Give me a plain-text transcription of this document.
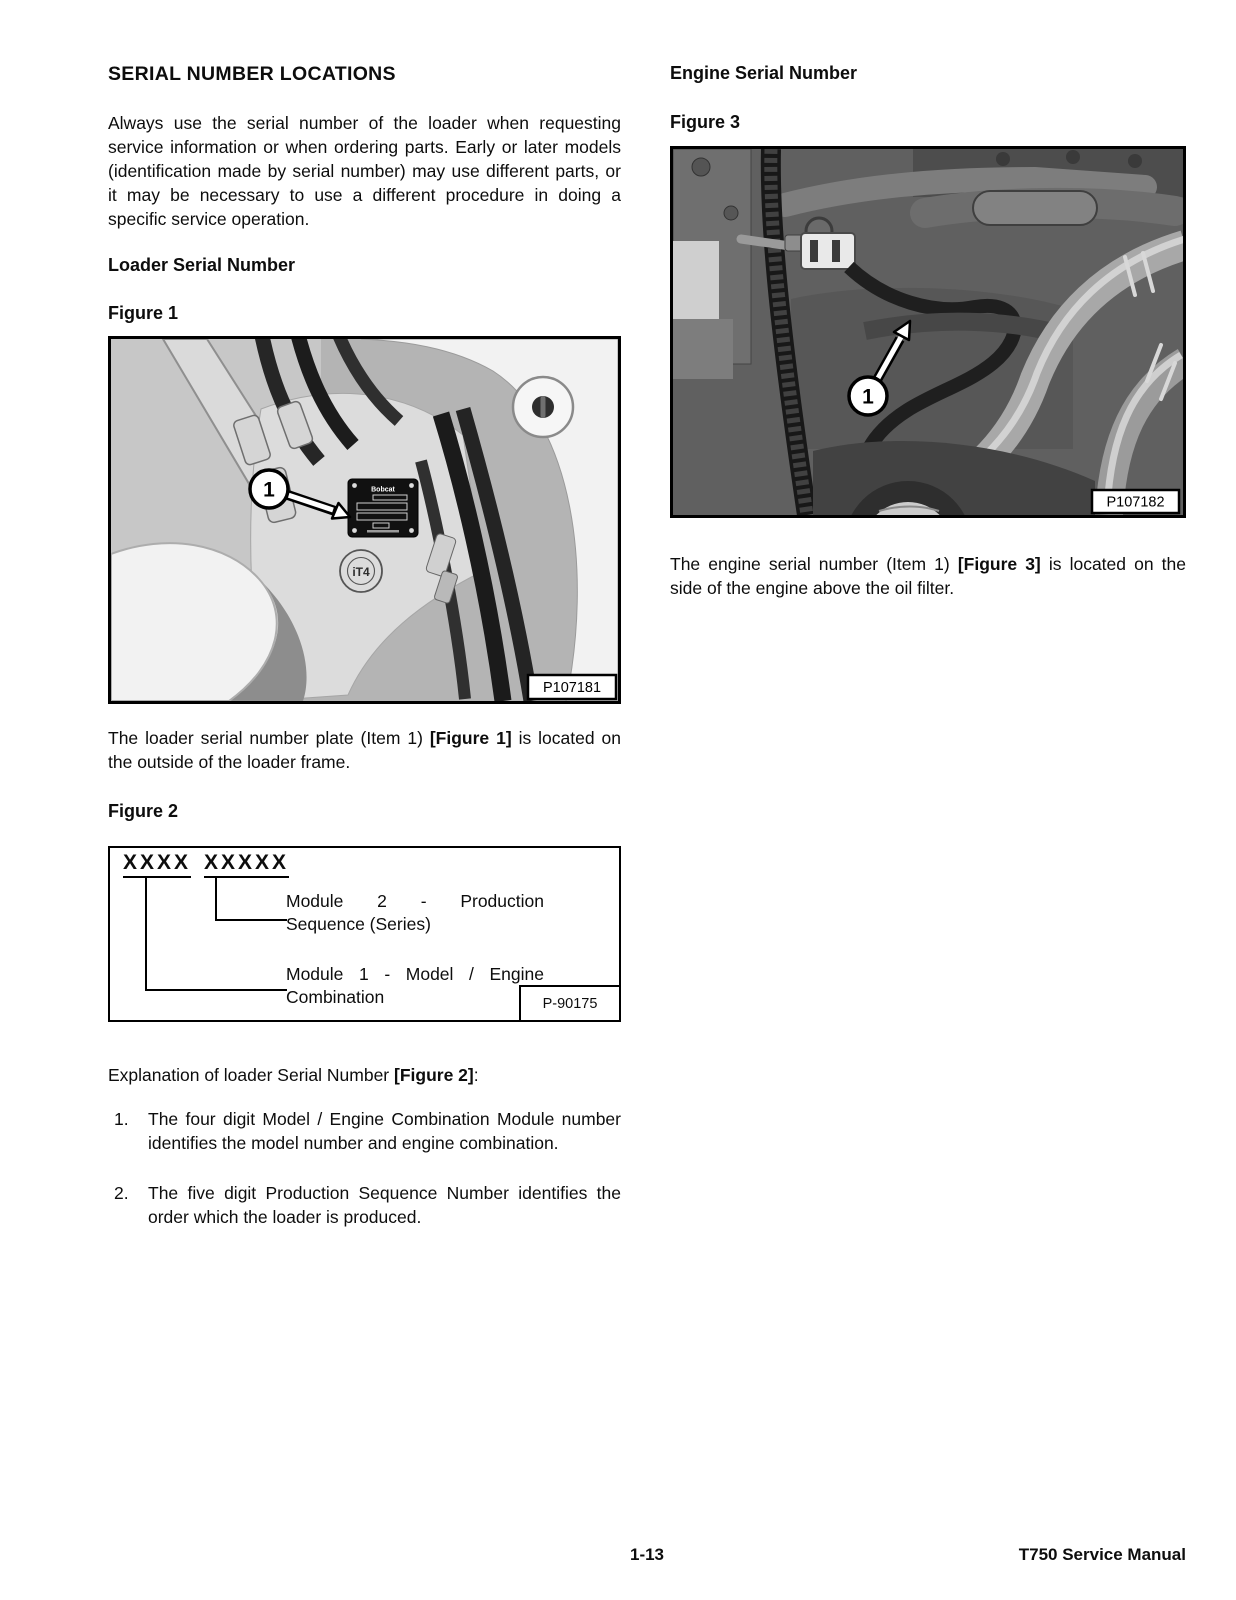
SERIAL NUMBER LOCATIONS
Always use the serial number of the loader when requesting service information or when ordering parts. Early or later models (identification made by serial number) may use different parts, or it may be necessary to use a different procedure in doing a specific service operation.
Loader Serial Number
Figure 1
Bobcat
iT4
1
P107181
The loader serial number plate (Item 1) [Figure 1] is located on the outside of the loader frame.
Figure 2
XXXX XXXXX
Module 2 - Production
Sequence (Series)
Module 1 - Model / Engine
Combination	P-90175
Explanation of loader Serial Number [Figure 2]:
1. The four digit Model / Engine Combination Module number identifies the model number and engine combination.
2. The five digit Production Sequence Number identifies the order which the loader is produced.
Engine Serial Number
Figure 3
1
P107182
The engine serial number (Item 1) [Figure 3] is located on the side of the engine above the oil filter.
1-13	T750 Service Manual
